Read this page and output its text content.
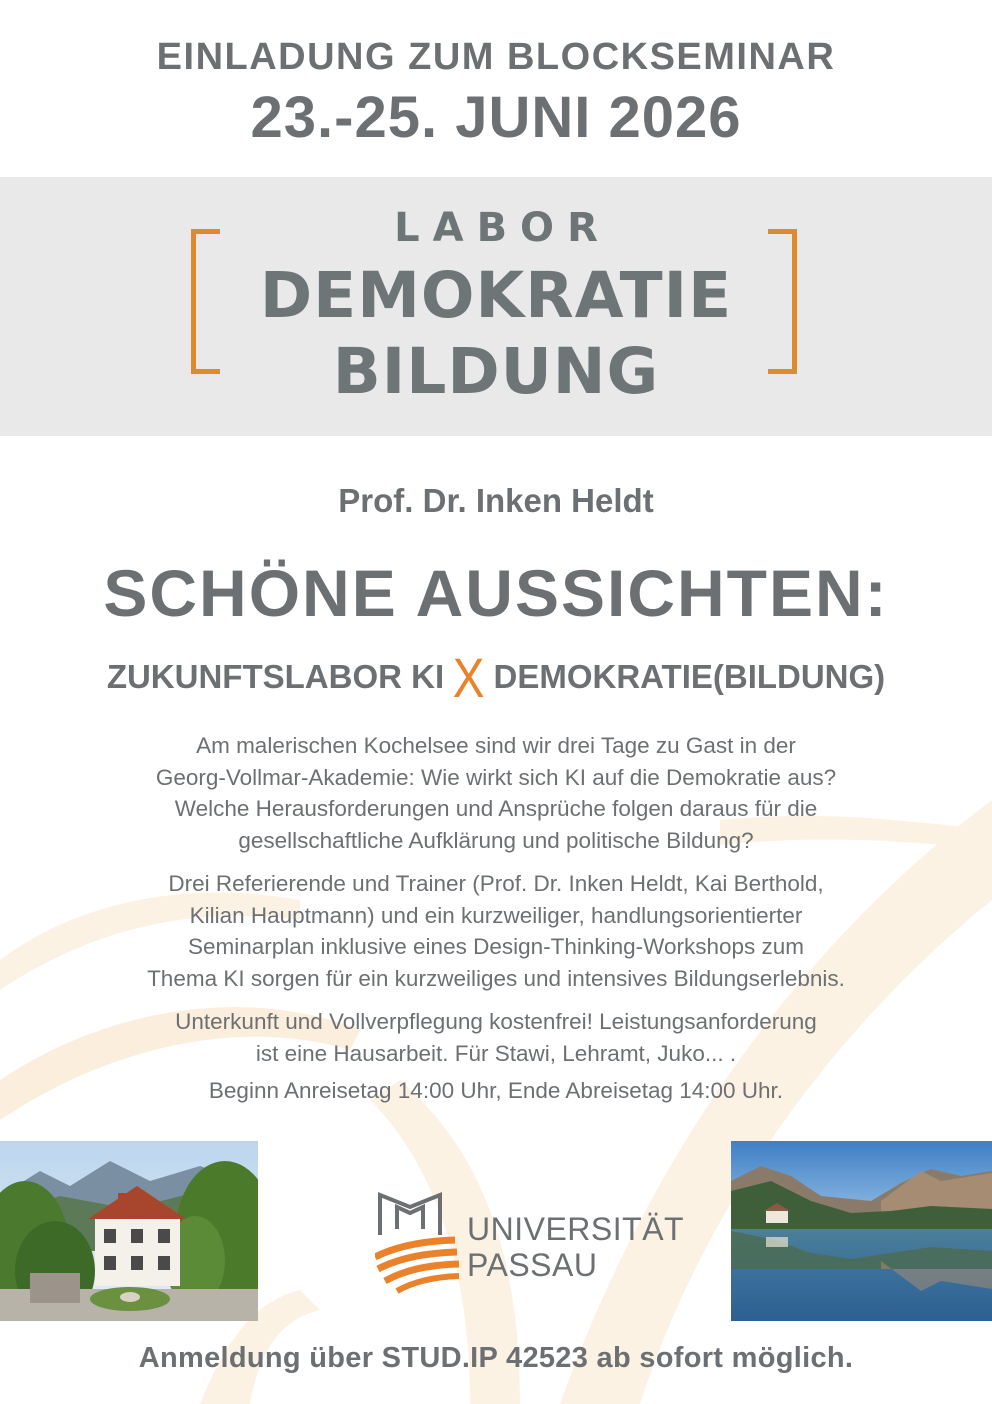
EINLADUNG ZUM BLOCKSEMINAR
23.-25. JUNI 2026
LABOR
DEMOKRATIE
BILDUNG
Prof. Dr. Inken Heldt
SCHÖNE AUSSICHTEN:
ZUKUNFTSLABOR KI X DEMOKRATIE(BILDUNG)
Am malerischen Kochelsee sind wir drei Tage zu Gast in der
Georg-Vollmar-Akademie: Wie wirkt sich KI auf die Demokratie aus?
Welche Herausforderungen und Ansprüche folgen daraus für die
gesellschaftliche Aufklärung und politische Bildung?
Drei Referierende und Trainer (Prof. Dr. Inken Heldt, Kai Berthold,
Kilian Hauptmann) und ein kurzweiliger, handlungsorientierter
Seminarplan inklusive eines Design-Thinking-Workshops zum
Thema KI sorgen für ein kurzweiliges und intensives Bildungserlebnis.
Unterkunft und Vollverpflegung kostenfrei! Leistungsanforderung
ist eine Hausarbeit. Für Stawi, Lehramt, Juko... .
Beginn Anreisetag 14:00 Uhr, Ende Abreisetag 14:00 Uhr.
UNIVERSITÄT
PASSAU
Anmeldung über STUD.IP 42523 ab sofort möglich.
